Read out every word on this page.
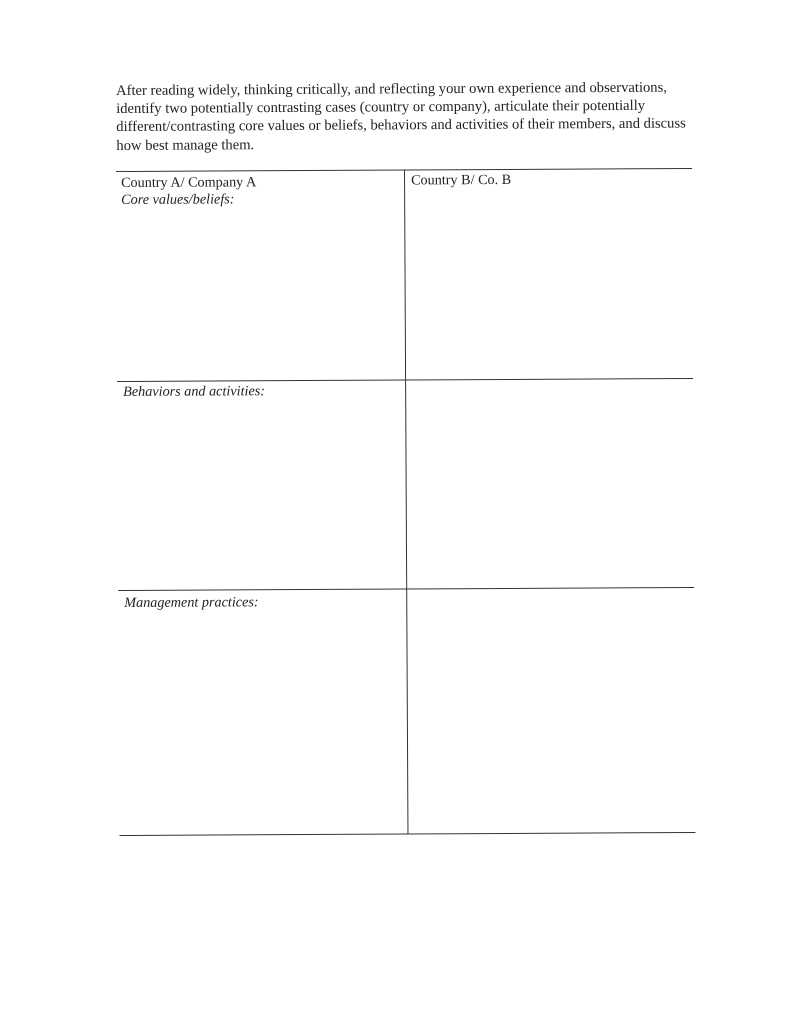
After reading widely, thinking critically, and reflecting your own experience and observations, identify two potentially contrasting cases (country or company), articulate their potentially different/contrasting core values or beliefs, behaviors and activities of their members, and discuss how best manage them.

Country A/ Company A	Country B/ Co. B

Core values/beliefs:

Behaviors and activities:

Management practices:
